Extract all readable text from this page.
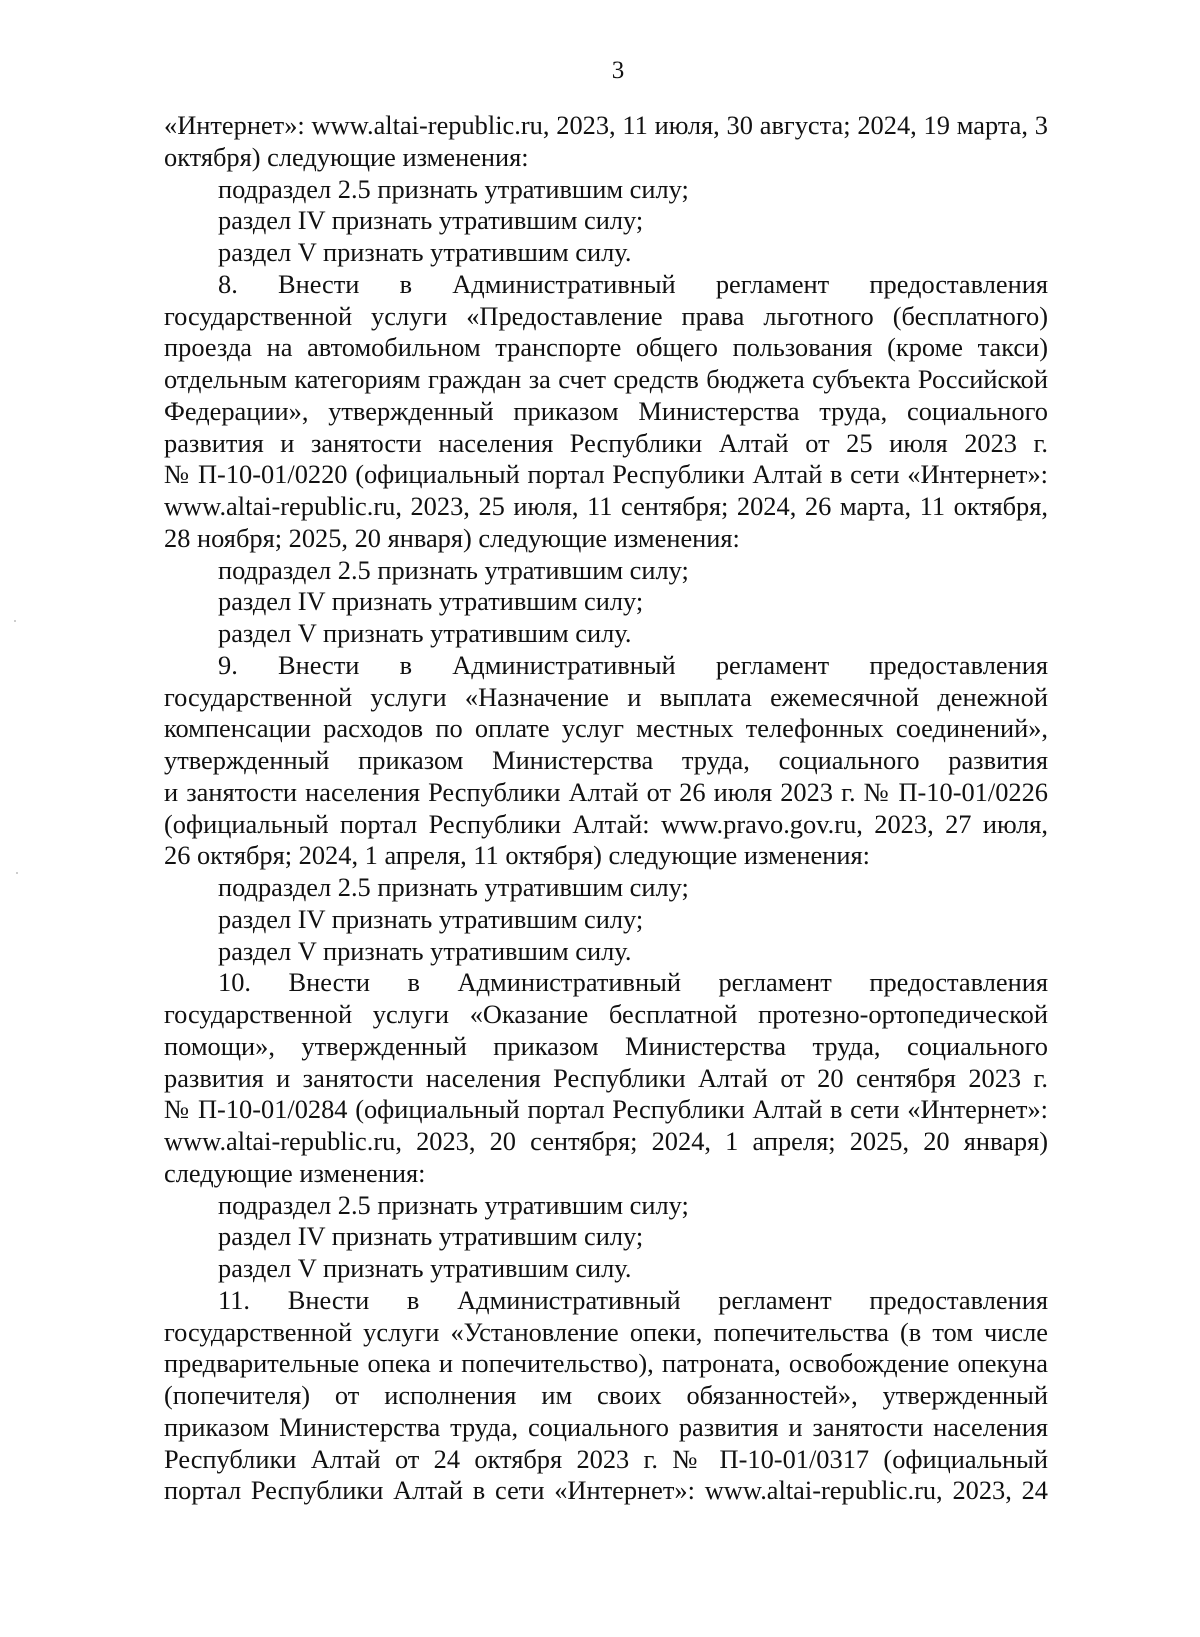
3
«Интернет»: www.altai-republic.ru, 2023, 11 июля, 30 августа; 2024, 19 марта, 3
октября) следующие изменения:
подраздел 2.5 признать утратившим силу;
раздел IV признать утратившим силу;
раздел V признать утратившим силу.
8. Внести в Административный регламент предоставления
государственной услуги «Предоставление права льготного (бесплатного)
проезда на автомобильном транспорте общего пользования (кроме такси)
отдельным категориям граждан за счет средств бюджета субъекта Российской
Федерации», утвержденный приказом Министерства труда, социального
развития и занятости населения Республики Алтай от 25 июля 2023 г.
№ П-10-01/0220 (официальный портал Республики Алтай в сети «Интернет»:
www.altai-republic.ru, 2023, 25 июля, 11 сентября; 2024, 26 марта, 11 октября,
28 ноября; 2025, 20 января) следующие изменения:
подраздел 2.5 признать утратившим силу;
раздел IV признать утратившим силу;
раздел V признать утратившим силу.
9. Внести в Административный регламент предоставления
государственной услуги «Назначение и выплата ежемесячной денежной
компенсации расходов по оплате услуг местных телефонных соединений»,
утвержденный приказом Министерства труда, социального развития
и занятости населения Республики Алтай от 26 июля 2023 г. № П-10-01/0226
(официальный портал Республики Алтай: www.pravo.gov.ru, 2023, 27 июля,
26 октября; 2024, 1 апреля, 11 октября) следующие изменения:
подраздел 2.5 признать утратившим силу;
раздел IV признать утратившим силу;
раздел V признать утратившим силу.
10. Внести в Административный регламент предоставления
государственной услуги «Оказание бесплатной протезно-ортопедической
помощи», утвержденный приказом Министерства труда, социального
развития и занятости населения Республики Алтай от 20 сентября 2023 г.
№ П-10-01/0284 (официальный портал Республики Алтай в сети «Интернет»:
www.altai-republic.ru, 2023, 20 сентября; 2024, 1 апреля; 2025, 20 января)
следующие изменения:
подраздел 2.5 признать утратившим силу;
раздел IV признать утратившим силу;
раздел V признать утратившим силу.
11. Внести в Административный регламент предоставления
государственной услуги «Установление опеки, попечительства (в том числе
предварительные опека и попечительство), патроната, освобождение опекуна
(попечителя) от исполнения им своих обязанностей», утвержденный
приказом Министерства труда, социального развития и занятости населения
Республики Алтай от 24 октября 2023 г. № П-10-01/0317 (официальный
портал Республики Алтай в сети «Интернет»: www.altai-republic.ru, 2023, 24
